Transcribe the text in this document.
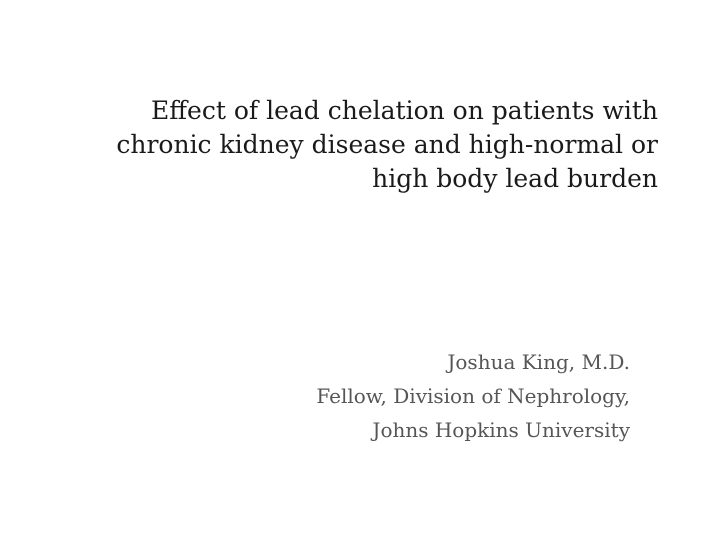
Effect of lead chelation on patients with
chronic kidney disease and high-normal or
high body lead burden
Joshua King, M.D.
Fellow, Division of Nephrology,
Johns Hopkins University
